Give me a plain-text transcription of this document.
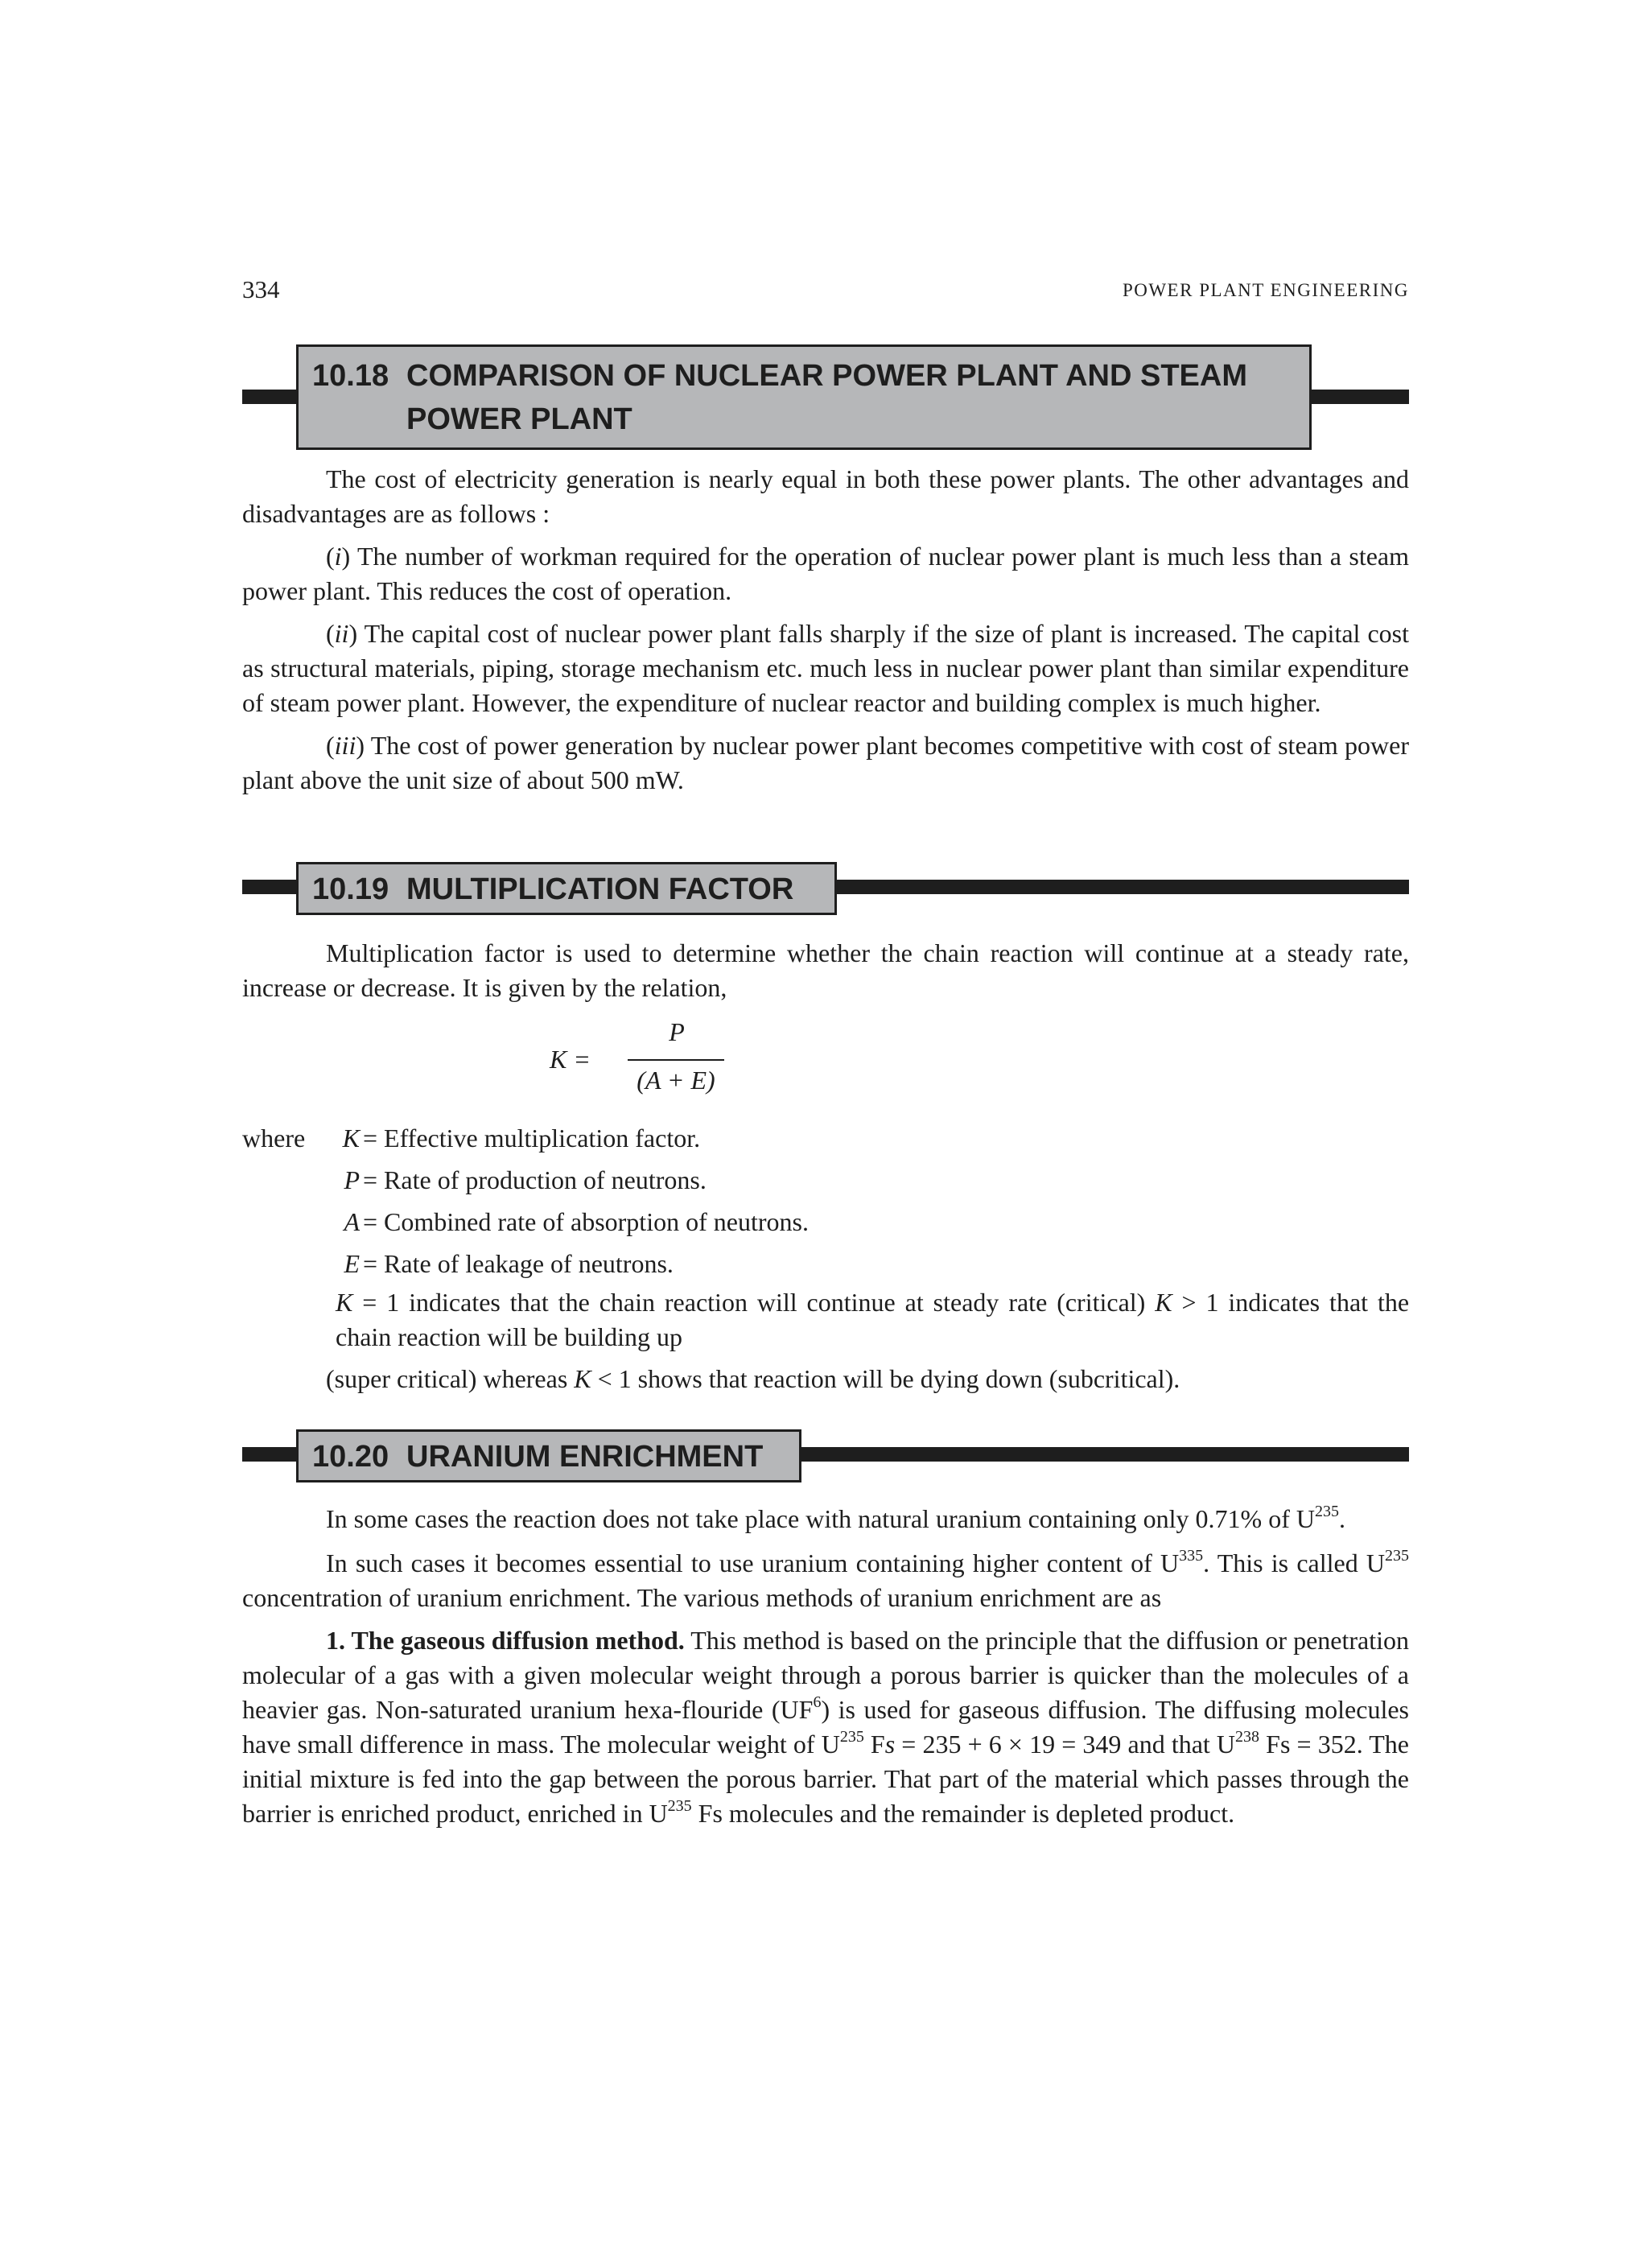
334	POWER PLANT ENGINEERING
10.18 COMPARISON OF NUCLEAR POWER PLANT AND STEAM
POWER PLANT

The cost of electricity generation is nearly equal in both these power plants. The other advantages and disadvantages are as follows :

(i) The number of workman required for the operation of nuclear power plant is much less than a steam power plant. This reduces the cost of operation.

(ii) The capital cost of nuclear power plant falls sharply if the size of plant is increased. The capital cost as structural materials, piping, storage mechanism etc. much less in nuclear power plant than similar expenditure of steam power plant. However, the expenditure of nuclear reactor and building complex is much higher.

(iii) The cost of power generation by nuclear power plant becomes competitive with cost of steam power plant above the unit size of about 500 mW.

10.19 MULTIPLICATION FACTOR

Multiplication factor is used to determine whether the chain reaction will continue at a steady rate, increase or decrease. It is given by the relation,

K =
P
(A + E)
where K = Effective multiplication factor.
P = Rate of production of neutrons.
A = Combined rate of absorption of neutrons.
E = Rate of leakage of neutrons.

K = 1 indicates that the chain reaction will continue at steady rate (critical) K > 1 indicates that the chain reaction will be building up

(super critical) whereas K < 1 shows that reaction will be dying down (subcritical).

10.20 URANIUM ENRICHMENT

In some cases the reaction does not take place with natural uranium containing only 0.71% of $U^{235}$.

In such cases it becomes essential to use uranium containing higher content of $U^{335}$. This is called $U^{235}$ concentration of uranium enrichment. The various methods of uranium enrichment are as

1. The gaseous diffusion method. This method is based on the principle that the diffusion or penetration molecular of a gas with a given molecular weight through a porous barrier is quicker than the molecules of a heavier gas. Non-saturated uranium hexa-flouride $(UF^6)$ is used for gaseous diffusion. The diffusing molecules have small difference in mass. The molecular weight of $U^{235}$ Fs = 235 + 6 × 19 = 349 and that $U^{238}$ Fs = 352. The initial mixture is fed into the gap between the porous barrier. That part of the material which passes through the barrier is enriched product, enriched in $U^{235}$ Fs molecules and the remainder is depleted product.
